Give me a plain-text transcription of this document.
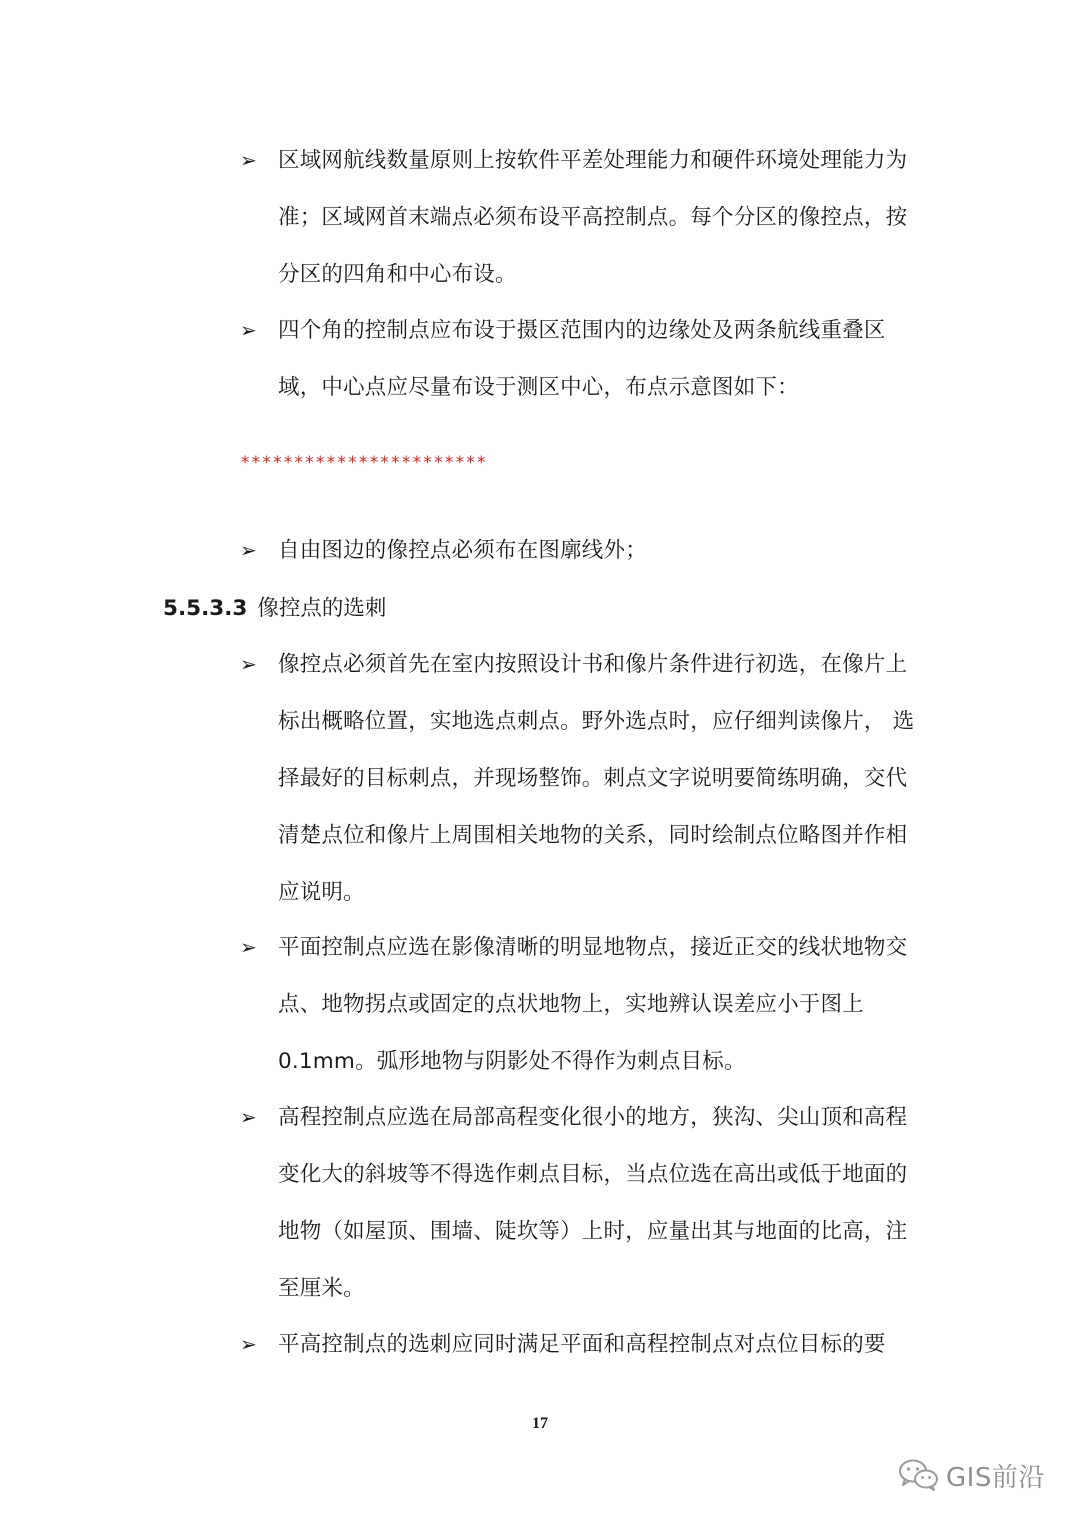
➢ 区域网航线数量原则上按软件平差处理能力和硬件环境处理能力为
准；区域网首末端点必须布设平高控制点。每个分区的像控点，按
分区的四角和中心布设。
➢ 四个角的控制点应布设于摄区范围内的边缘处及两条航线重叠区
域，中心点应尽量布设于测区中心，布点示意图如下：
***********************
➢ 自由图边的像控点必须布在图廓线外；
5.5.3.3 像控点的选刺
➢ 像控点必须首先在室内按照设计书和像片条件进行初选，在像片上
标出概略位置，实地选点刺点。野外选点时，应仔细判读像片， 选
择最好的目标刺点，并现场整饰。刺点文字说明要简练明确，交代
清楚点位和像片上周围相关地物的关系，同时绘制点位略图并作相
应说明。
➢ 平面控制点应选在影像清晰的明显地物点，接近正交的线状地物交
点、地物拐点或固定的点状地物上，实地辨认误差应小于图上
0.1mm。弧形地物与阴影处不得作为刺点目标。
➢ 高程控制点应选在局部高程变化很小的地方，狭沟、尖山顶和高程
变化大的斜坡等不得选作刺点目标，当点位选在高出或低于地面的
地物（如屋顶、围墙、陡坎等）上时，应量出其与地面的比高，注
至厘米。
➢ 平高控制点的选刺应同时满足平面和高程控制点对点位目标的要
17
GIS前沿
